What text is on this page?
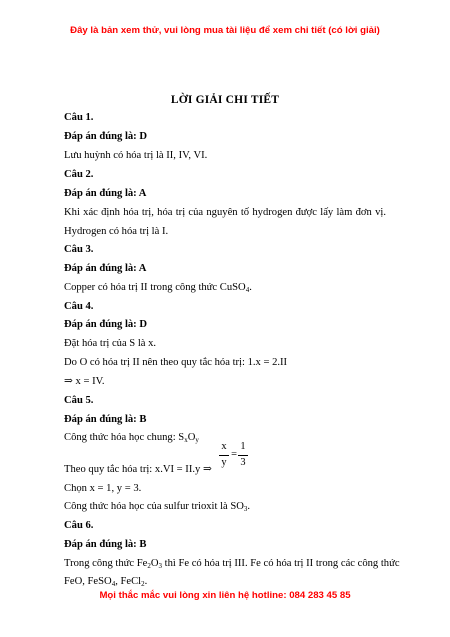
Đây là bản xem thử, vui lòng mua tài liệu để xem chi tiết (có lời giải)
LỜI GIẢI CHI TIẾT
Câu 1.
Đáp án đúng là: D
Lưu huỳnh có hóa trị là II, IV, VI.
Câu 2.
Đáp án đúng là: A
Khi xác định hóa trị, hóa trị của nguyên tố hydrogen được lấy làm đơn vị.
Hydrogen có hóa trị là I.
Câu 3.
Đáp án đúng là: A
Copper có hóa trị II trong công thức CuSO$_4$.
Câu 4.
Đáp án đúng là: D
Đặt hóa trị của S là x.
Do O có hóa trị II nên theo quy tắc hóa trị: 1.x = 2.II
⇒ x = IV.
Câu 5.
Đáp án đúng là: B
Công thức hóa học chung: $S_xO_y$
Theo quy tắc hóa trị: x.VI = II.y ⇒
x
y
=
1
3
Chọn x = 1, y = 3.
Công thức hóa học của sulfur trioxit là $SO_3$.
Câu 6.
Đáp án đúng là: B
Trong công thức $Fe_2O_3$ thì Fe có hóa trị III. Fe có hóa trị II trong các công thức
FeO, FeSO$_4$, FeCl$_2$.
Mọi thắc mắc vui lòng xin liên hệ hotline: 084 283 45 85
